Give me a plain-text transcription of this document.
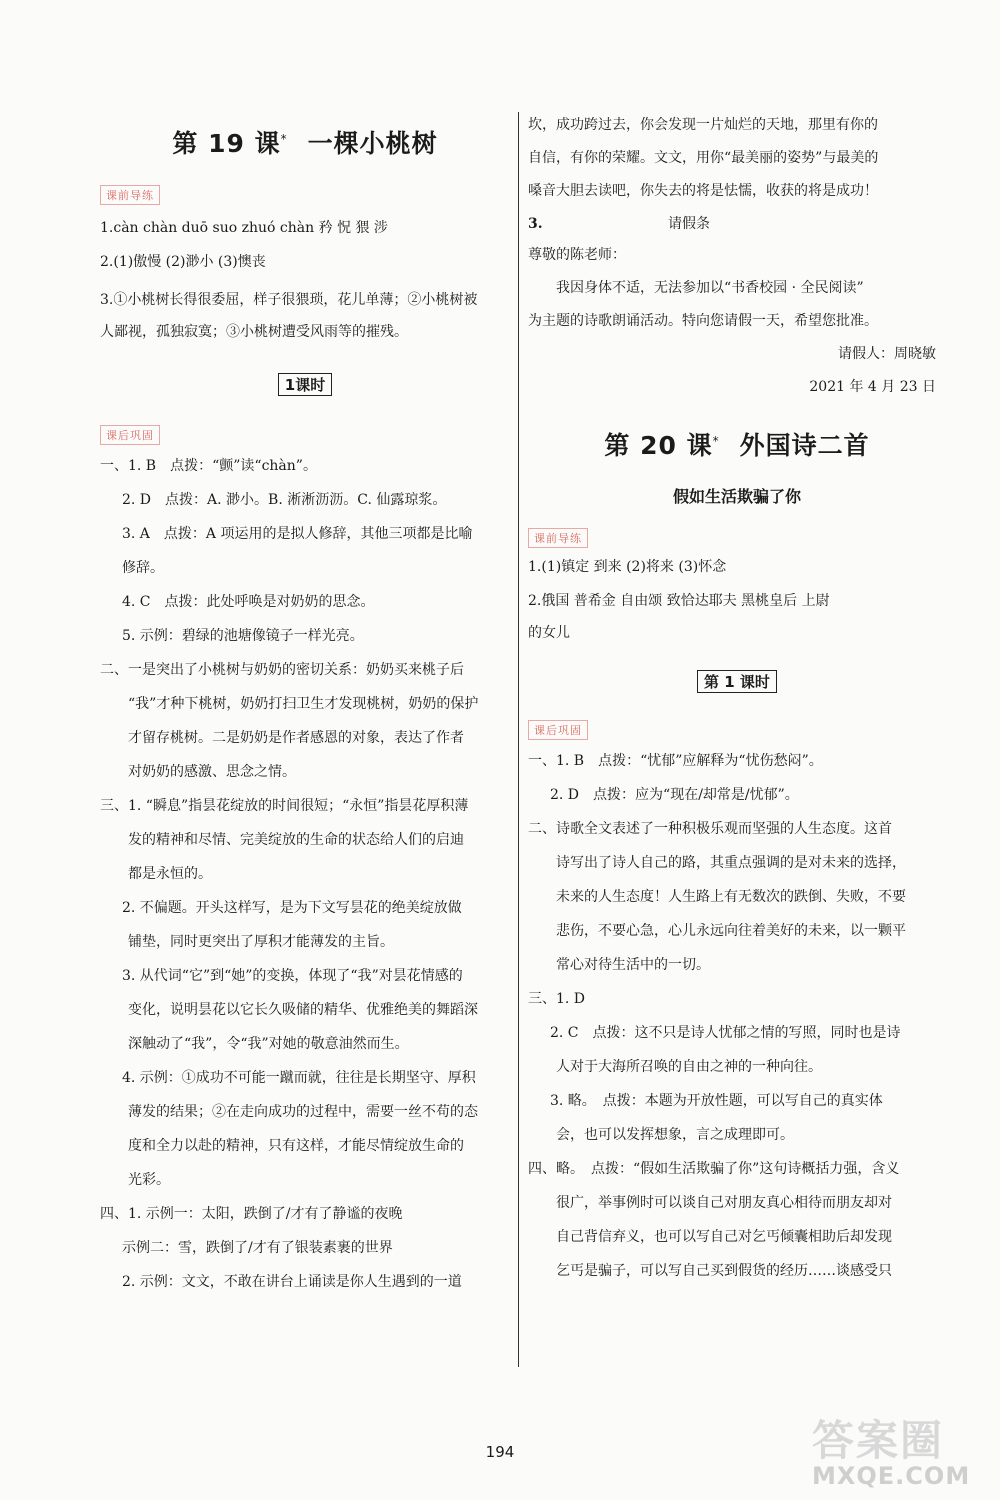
第 19 课* 一棵小桃树
课前导练

1.càn chàn duō suo zhuó chàn 矜 怳 猥 涉

2.(1)傲慢 (2)渺小 (3)懊丧

3.①小桃树长得很委屈，样子很猥琐，花儿单薄；②小桃树被

人鄙视，孤独寂寞；③小桃树遭受风雨等的摧残。

1课时
课后巩固

一、1. B　点拨：“颤”读“chàn”。

2. D　点拨：A. 渺小。B. 淅淅沥沥。C. 仙露琼浆。

3. A　点拨：A 项运用的是拟人修辞，其他三项都是比喻

修辞。

4. C　点拨：此处呼唤是对奶奶的思念。

5. 示例：碧绿的池塘像镜子一样光亮。

二、一是突出了小桃树与奶奶的密切关系：奶奶买来桃子后

“我”才种下桃树，奶奶打扫卫生才发现桃树，奶奶的保护

才留存桃树。二是奶奶是作者感恩的对象，表达了作者

对奶奶的感激、思念之情。

三、1. “瞬息”指昙花绽放的时间很短；“永恒”指昙花厚积薄

发的精神和尽情、完美绽放的生命的状态给人们的启迪

都是永恒的。

2. 不偏题。开头这样写，是为下文写昙花的绝美绽放做

铺垫，同时更突出了厚积才能薄发的主旨。

3. 从代词“它”到“她”的变换，体现了“我”对昙花情感的

变化，说明昙花以它长久吸储的精华、优雅绝美的舞蹈深

深触动了“我”，令“我”对她的敬意油然而生。

4. 示例：①成功不可能一蹴而就，往往是长期坚守、厚积

薄发的结果；②在走向成功的过程中，需要一丝不苟的态

度和全力以赴的精神，只有这样，才能尽情绽放生命的

光彩。

四、1. 示例一：太阳，跌倒了/才有了静谧的夜晚

示例二：雪，跌倒了/才有了银装素裹的世界

2. 示例：文文，不敢在讲台上诵读是你人生遇到的一道

坎，成功跨过去，你会发现一片灿烂的天地，那里有你的

自信，有你的荣耀。文文，用你“最美丽的姿势”与最美的

嗓音大胆去读吧，你失去的将是怯懦，收获的将是成功！

3.	请假条

尊敬的陈老师：

我因身体不适，无法参加以“书香校园 · 全民阅读”

为主题的诗歌朗诵活动。特向您请假一天，希望您批准。

请假人：周晓敏

2021 年 4 月 23 日

第 20 课* 外国诗二首

假如生活欺骗了你

课前导练

1.(1)镇定 到来 (2)将来 (3)怀念

2.俄国 普希金 自由颂 致恰达耶夫 黑桃皇后 上尉

的女儿

第 1 课时
课后巩固

一、1. B　点拨：“忧郁”应解释为“忧伤愁闷”。

2. D　点拨：应为“现在/却常是/忧郁”。

二、诗歌全文表述了一种积极乐观而坚强的人生态度。这首

诗写出了诗人自己的路，其重点强调的是对未来的选择，

未来的人生态度！人生路上有无数次的跌倒、失败，不要

悲伤，不要心急，心儿永远向往着美好的未来，以一颗平

常心对待生活中的一切。

三、1. D

2. C　点拨：这不只是诗人忧郁之情的写照，同时也是诗

人对于大海所召唤的自由之神的一种向往。

3. 略。　点拨：本题为开放性题，可以写自己的真实体

会，也可以发挥想象，言之成理即可。

四、略。　点拨：“假如生活欺骗了你”这句诗概括力强，含义

很广，举事例时可以谈自己对朋友真心相待而朋友却对

自己背信弃义，也可以写自己对乞丐倾囊相助后却发现

乞丐是骗子，可以写自己买到假货的经历……谈感受只

194	答案圈
MXQE.COM
